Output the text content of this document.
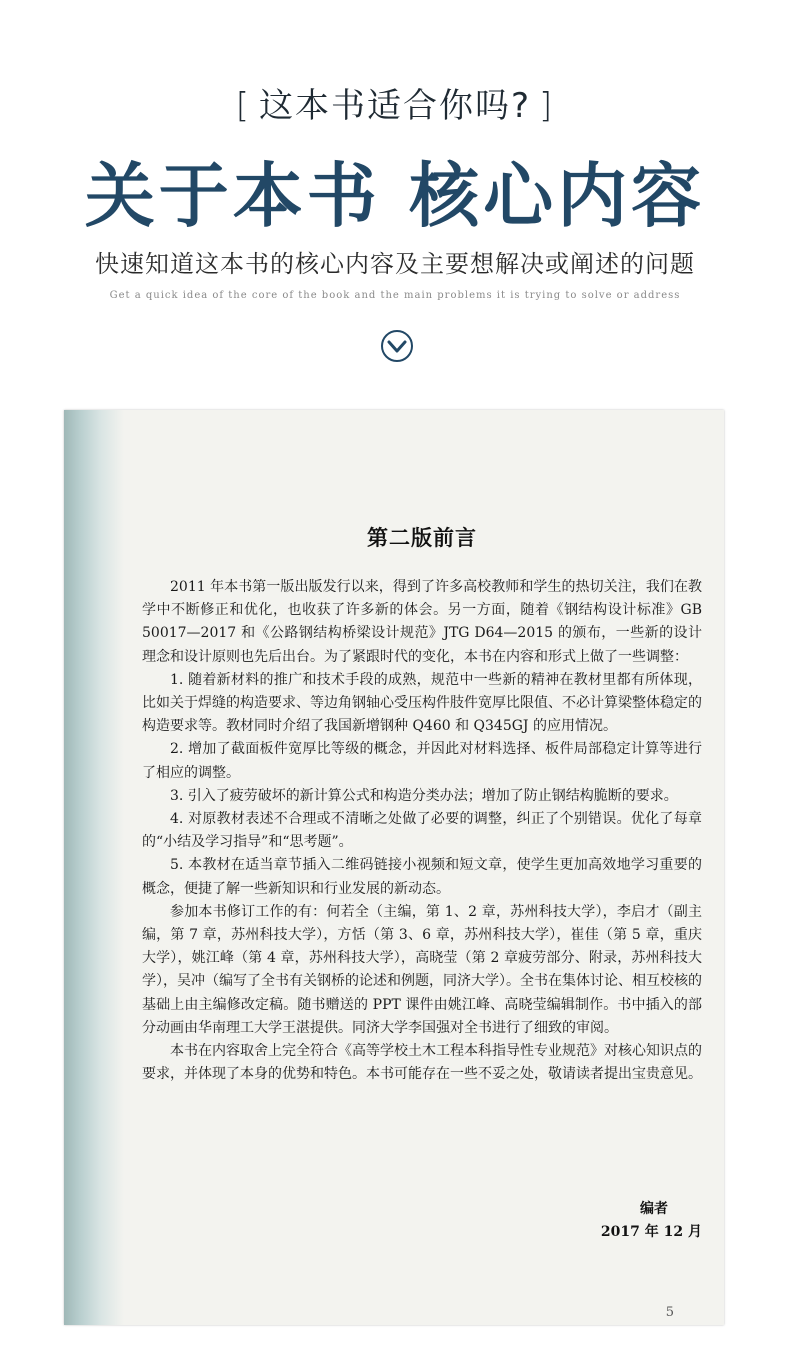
[ 这本书适合你吗? ]
关于本书 核心内容
快速知道这本书的核心内容及主要想解决或阐述的问题
Get a quick idea of the core of the book and the main problems it is trying to solve or address
第二版前言

2011 年本书第一版出版发行以来，得到了许多高校教师和学生的热切关注，我们在教学中不断修正和优化，也收获了许多新的体会。另一方面，随着《钢结构设计标准》GB 50017—2017 和《公路钢结构桥梁设计规范》JTG D64—2015 的颁布，一些新的设计理念和设计原则也先后出台。为了紧跟时代的变化，本书在内容和形式上做了一些调整：

1. 随着新材料的推广和技术手段的成熟，规范中一些新的精神在教材里都有所体现，比如关于焊缝的构造要求、等边角钢轴心受压构件肢件宽厚比限值、不必计算梁整体稳定的构造要求等。教材同时介绍了我国新增钢种 Q460 和 Q345GJ 的应用情况。

2. 增加了截面板件宽厚比等级的概念，并因此对材料选择、板件局部稳定计算等进行了相应的调整。

3. 引入了疲劳破坏的新计算公式和构造分类办法；增加了防止钢结构脆断的要求。

4. 对原教材表述不合理或不清晰之处做了必要的调整，纠正了个别错误。优化了每章的“小结及学习指导”和“思考题”。

5. 本教材在适当章节插入二维码链接小视频和短文章，使学生更加高效地学习重要的概念，便捷了解一些新知识和行业发展的新动态。

参加本书修订工作的有：何若全（主编，第 1、2 章，苏州科技大学），李启才（副主编，第 7 章，苏州科技大学），方恬（第 3、6 章，苏州科技大学），崔佳（第 5 章，重庆大学），姚江峰（第 4 章，苏州科技大学），高晓莹（第 2 章疲劳部分、附录，苏州科技大学），吴冲（编写了全书有关钢桥的论述和例题，同济大学）。全书在集体讨论、相互校核的基础上由主编修改定稿。随书赠送的 PPT 课件由姚江峰、高晓莹编辑制作。书中插入的部分动画由华南理工大学王湛提供。同济大学李国强对全书进行了细致的审阅。

本书在内容取舍上完全符合《高等学校土木工程本科指导性专业规范》对核心知识点的要求，并体现了本身的优势和特色。本书可能存在一些不妥之处，敬请读者提出宝贵意见。

编者
2017 年 12 月
5
